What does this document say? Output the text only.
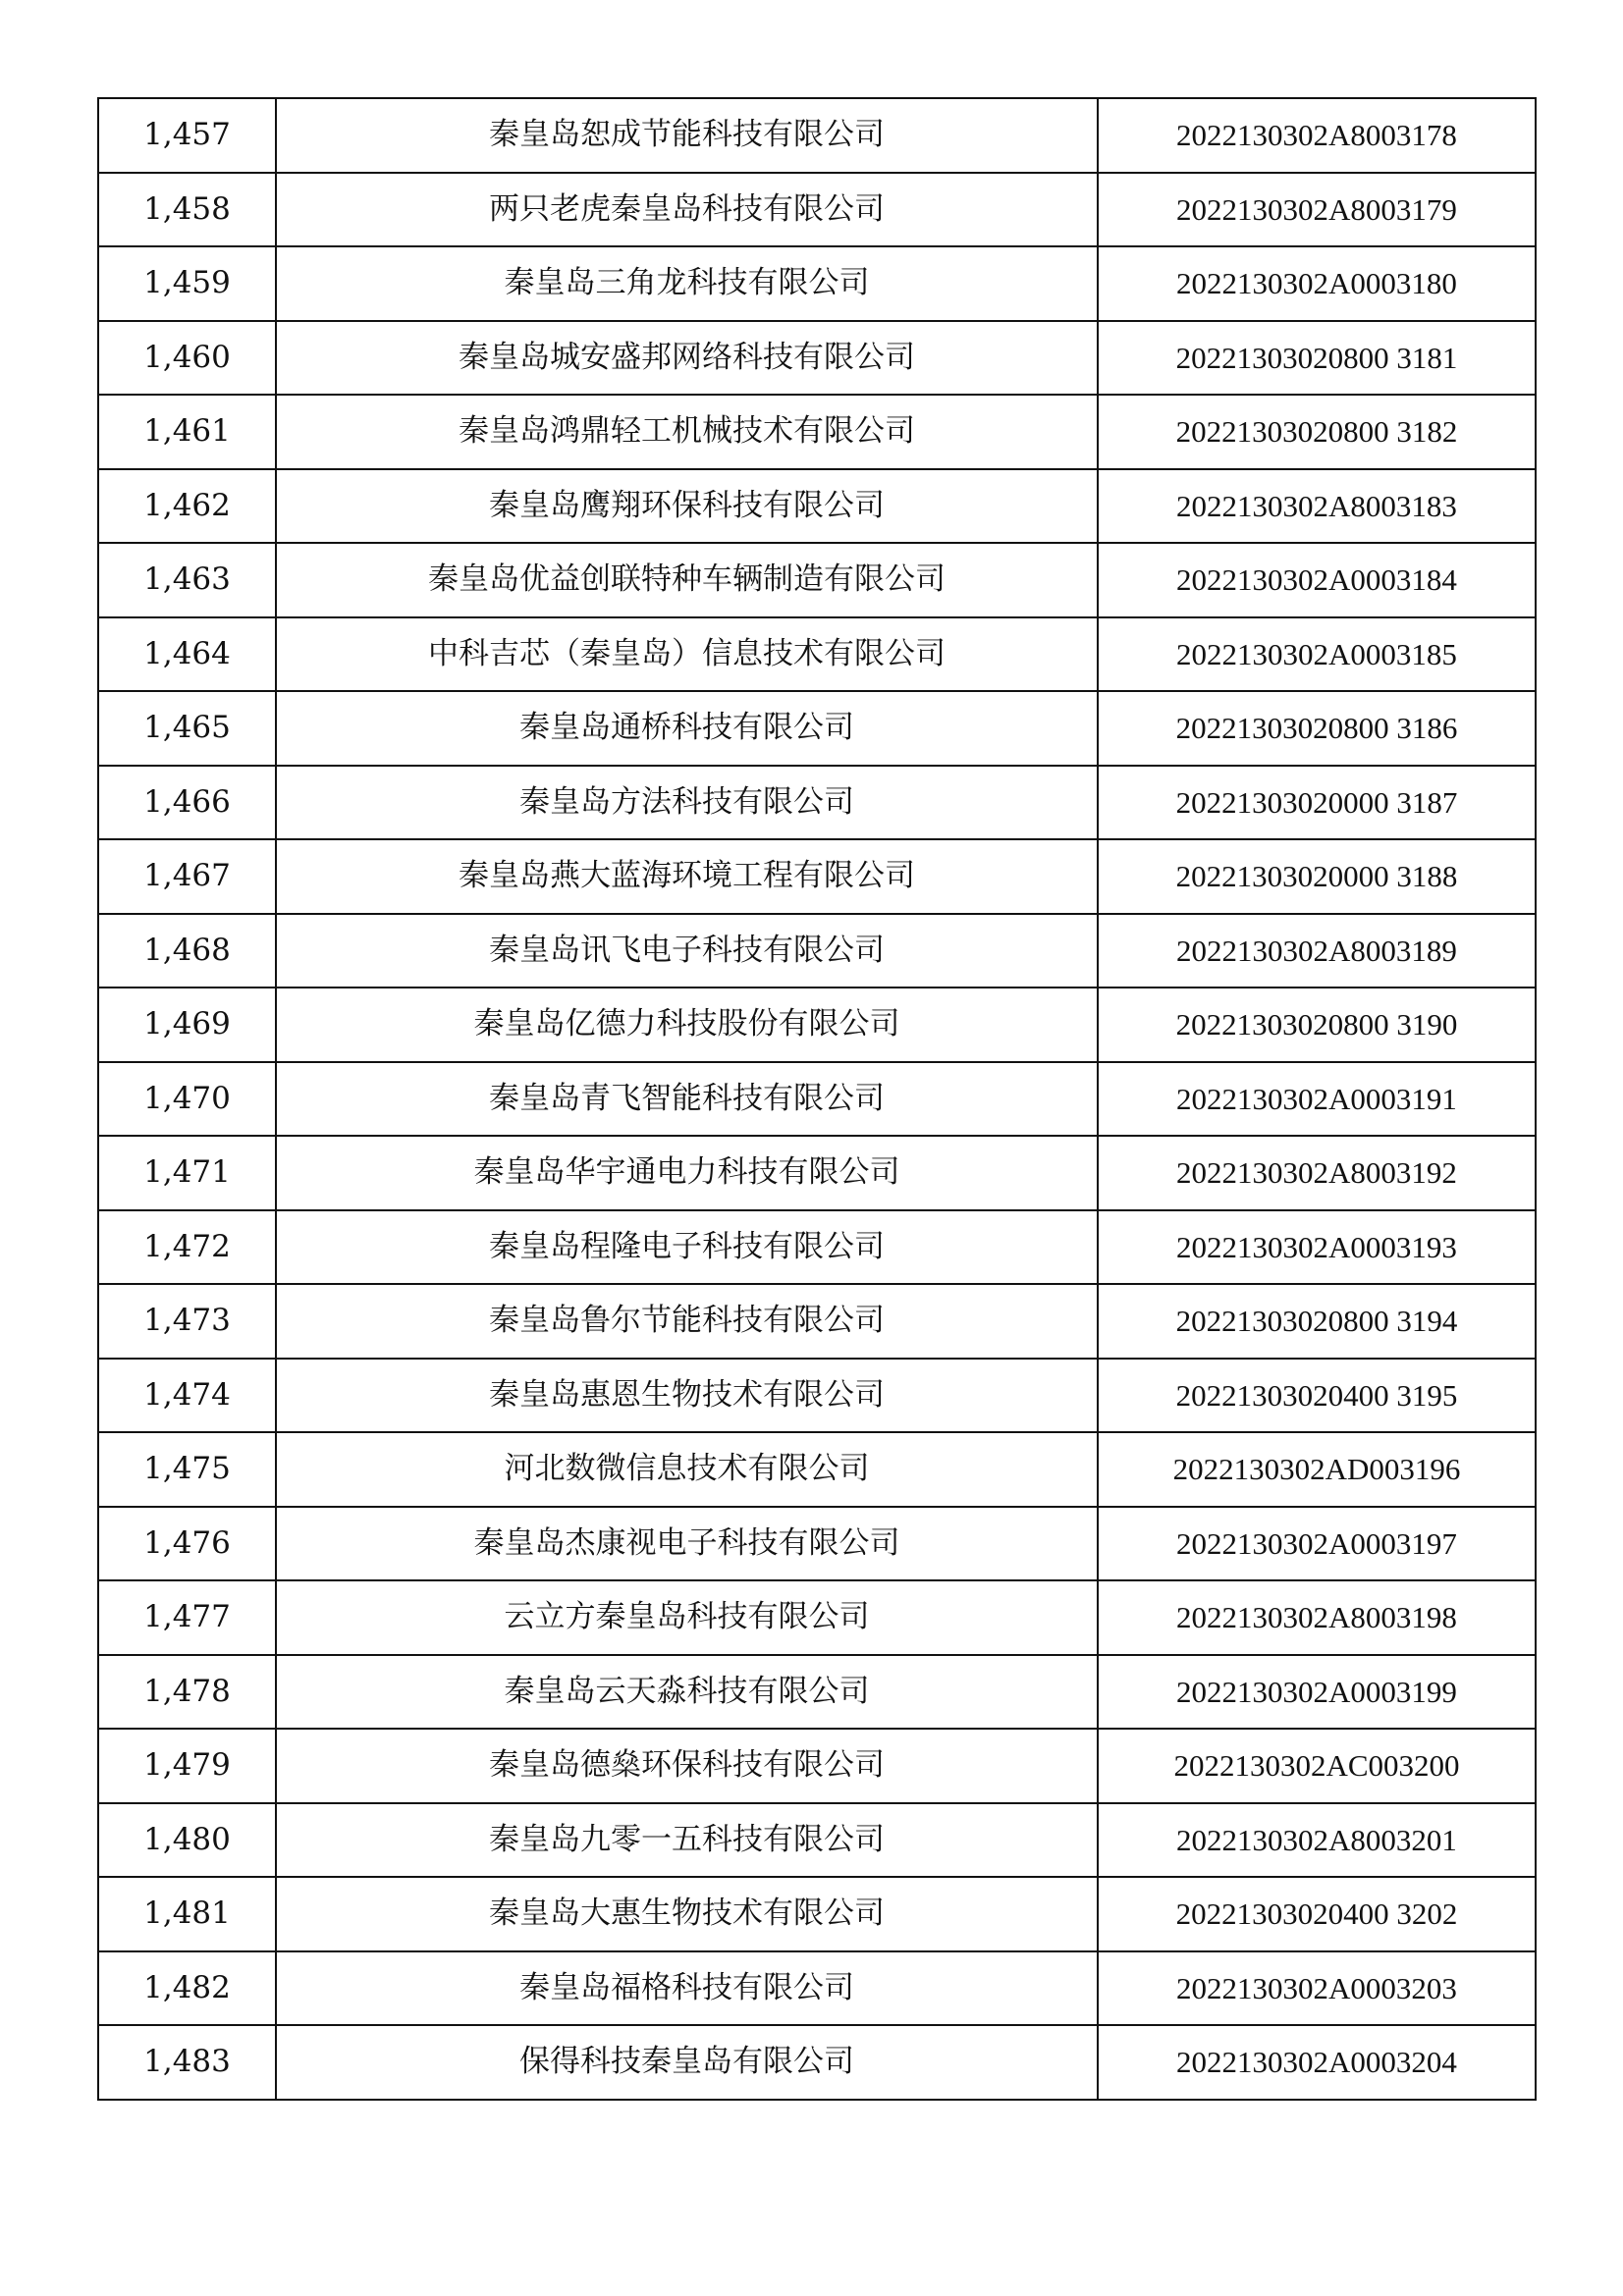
1,457	秦皇岛恕成节能科技有限公司	2022130302A8003178
1,458	两只老虎秦皇岛科技有限公司	2022130302A8003179
1,459	秦皇岛三角龙科技有限公司	2022130302A0003180
1,460	秦皇岛城安盛邦网络科技有限公司	20221303020800 3181
1,461	秦皇岛鸿鼎轻工机械技术有限公司	20221303020800 3182
1,462	秦皇岛鹰翔环保科技有限公司	2022130302A8003183
1,463	秦皇岛优益创联特种车辆制造有限公司	2022130302A0003184
1,464	中科吉芯（秦皇岛）信息技术有限公司	2022130302A0003185
1,465	秦皇岛通桥科技有限公司	20221303020800 3186
1,466	秦皇岛方法科技有限公司	20221303020000 3187
1,467	秦皇岛燕大蓝海环境工程有限公司	20221303020000 3188
1,468	秦皇岛讯飞电子科技有限公司	2022130302A8003189
1,469	秦皇岛亿德力科技股份有限公司	20221303020800 3190
1,470	秦皇岛青飞智能科技有限公司	2022130302A0003191
1,471	秦皇岛华宇通电力科技有限公司	2022130302A8003192
1,472	秦皇岛程隆电子科技有限公司	2022130302A0003193
1,473	秦皇岛鲁尔节能科技有限公司	20221303020800 3194
1,474	秦皇岛惠恩生物技术有限公司	20221303020400 3195
1,475	河北数微信息技术有限公司	2022130302AD003196
1,476	秦皇岛杰康视电子科技有限公司	2022130302A0003197
1,477	云立方秦皇岛科技有限公司	2022130302A8003198
1,478	秦皇岛云天淼科技有限公司	2022130302A0003199
1,479	秦皇岛德燊环保科技有限公司	2022130302AC003200
1,480	秦皇岛九零一五科技有限公司	2022130302A8003201
1,481	秦皇岛大惠生物技术有限公司	20221303020400 3202
1,482	秦皇岛福格科技有限公司	2022130302A0003203
1,483	保得科技秦皇岛有限公司	2022130302A0003204
